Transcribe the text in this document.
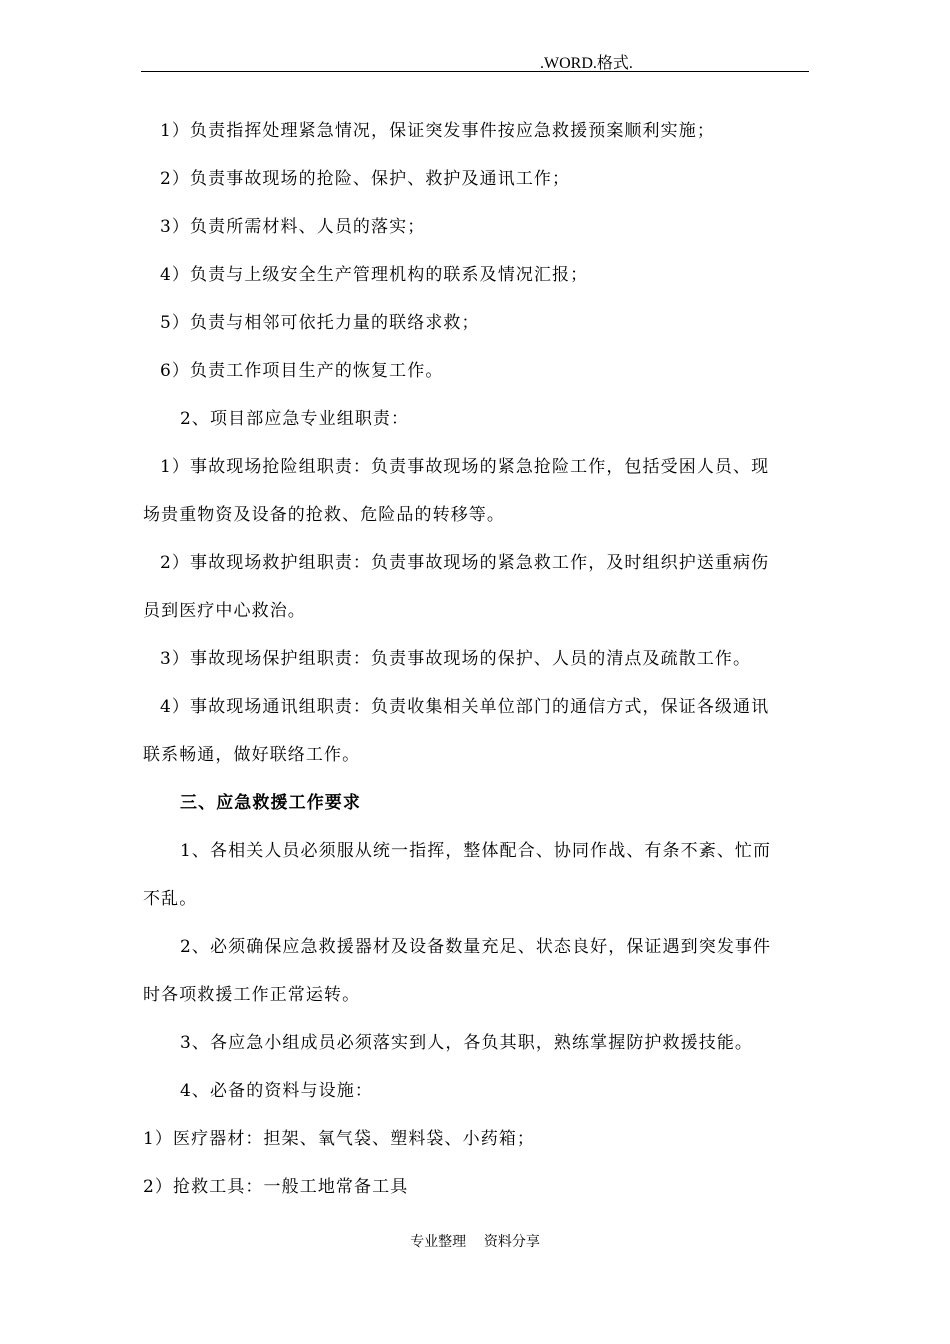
.WORD.格式.
1）负责指挥处理紧急情况，保证突发事件按应急救援预案顺利实施；
2）负责事故现场的抢险、保护、救护及通讯工作；
3）负责所需材料、人员的落实；
4）负责与上级安全生产管理机构的联系及情况汇报；
5）负责与相邻可依托力量的联络求救；
6）负责工作项目生产的恢复工作。
2、项目部应急专业组职责：
1）事故现场抢险组职责：负责事故现场的紧急抢险工作，包括受困人员、现
场贵重物资及设备的抢救、危险品的转移等。
2）事故现场救护组职责：负责事故现场的紧急救工作，及时组织护送重病伤
员到医疗中心救治。
3）事故现场保护组职责：负责事故现场的保护、人员的清点及疏散工作。
4）事故现场通讯组职责：负责收集相关单位部门的通信方式，保证各级通讯
联系畅通，做好联络工作。
三、应急救援工作要求
1、各相关人员必须服从统一指挥，整体配合、协同作战、有条不紊、忙而
不乱。
2、必须确保应急救援器材及设备数量充足、状态良好，保证遇到突发事件
时各项救援工作正常运转。
3、各应急小组成员必须落实到人，各负其职，熟练掌握防护救援技能。
4、必备的资料与设施：
1）医疗器材：担架、氧气袋、塑料袋、小药箱；
2）抢救工具：一般工地常备工具
专业整理    资料分享
